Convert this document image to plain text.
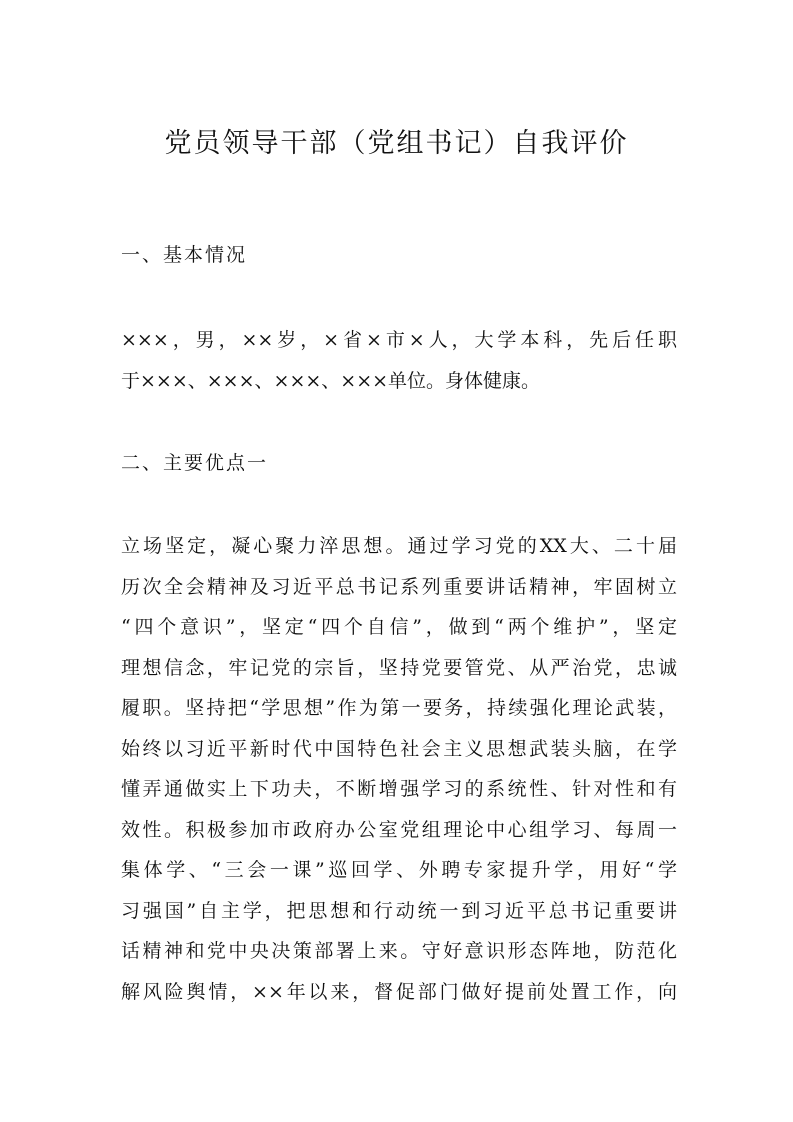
党员领导干部（党组书记）自我评价
一、基本情况
×××，男，××岁，×省×市×人，大学本科，先后任职
于×××、×××、×××、×××单位。身体健康。
二、主要优点一
立场坚定，凝心聚力淬思想。通过学习党的XX大、二十届
历次全会精神及习近平总书记系列重要讲话精神，牢固树立
“四个意识”，坚定“四个自信”，做到“两个维护”，坚定
理想信念，牢记党的宗旨，坚持党要管党、从严治党，忠诚
履职。坚持把“学思想”作为第一要务，持续强化理论武装，
始终以习近平新时代中国特色社会主义思想武装头脑，在学
懂弄通做实上下功夫，不断增强学习的系统性、针对性和有
效性。积极参加市政府办公室党组理论中心组学习、每周一
集体学、“三会一课”巡回学、外聘专家提升学，用好“学
习强国”自主学，把思想和行动统一到习近平总书记重要讲
话精神和党中央决策部署上来。守好意识形态阵地，防范化
解风险舆情，××年以来，督促部门做好提前处置工作，向
